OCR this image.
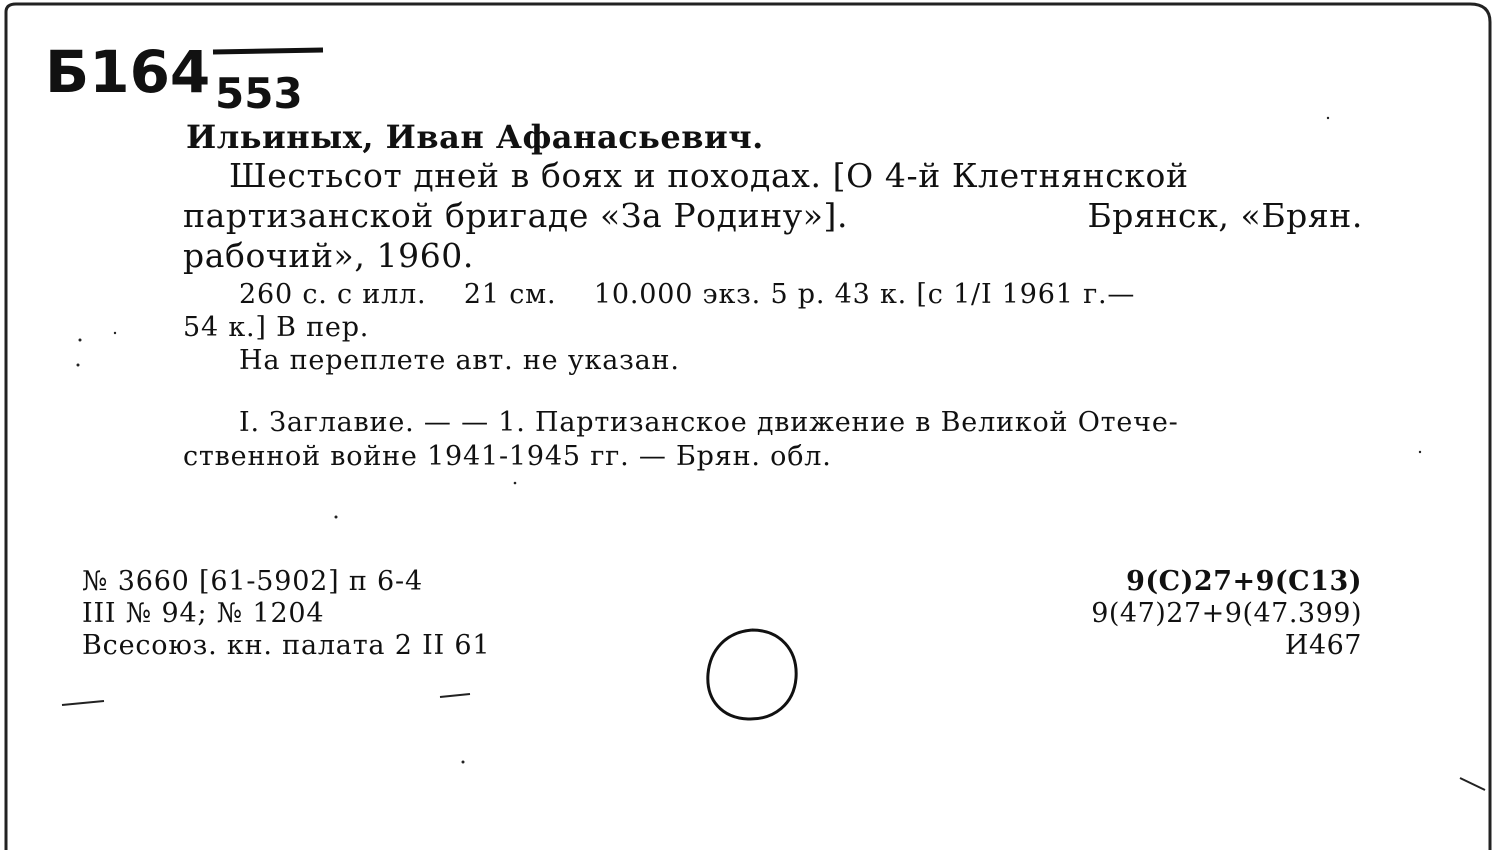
Б164 553
Ильиных, Иван Афанасьевич.
Шестьсот дней в боях и походах. [О 4-й Клетнянской
партизанской бригаде «За Родину»].	Брянск, «Брян.
рабочий», 1960.
260 с. с илл.    21 см.    10.000 экз. 5 р. 43 к. [с 1/I 1961 г.—
54 к.] В пер.
На переплете авт. не указан.
I. Заглавие. — — 1. Партизанское движение в Великой Отече-
ственной войне 1941-1945 гг. — Брян. обл.
№ 3660 [61-5902] п 6-4
III № 94; № 1204
Всесоюз. кн. палата 2 II 61
9(С)27+9(С13)
9(47)27+9(47.399)
И467
